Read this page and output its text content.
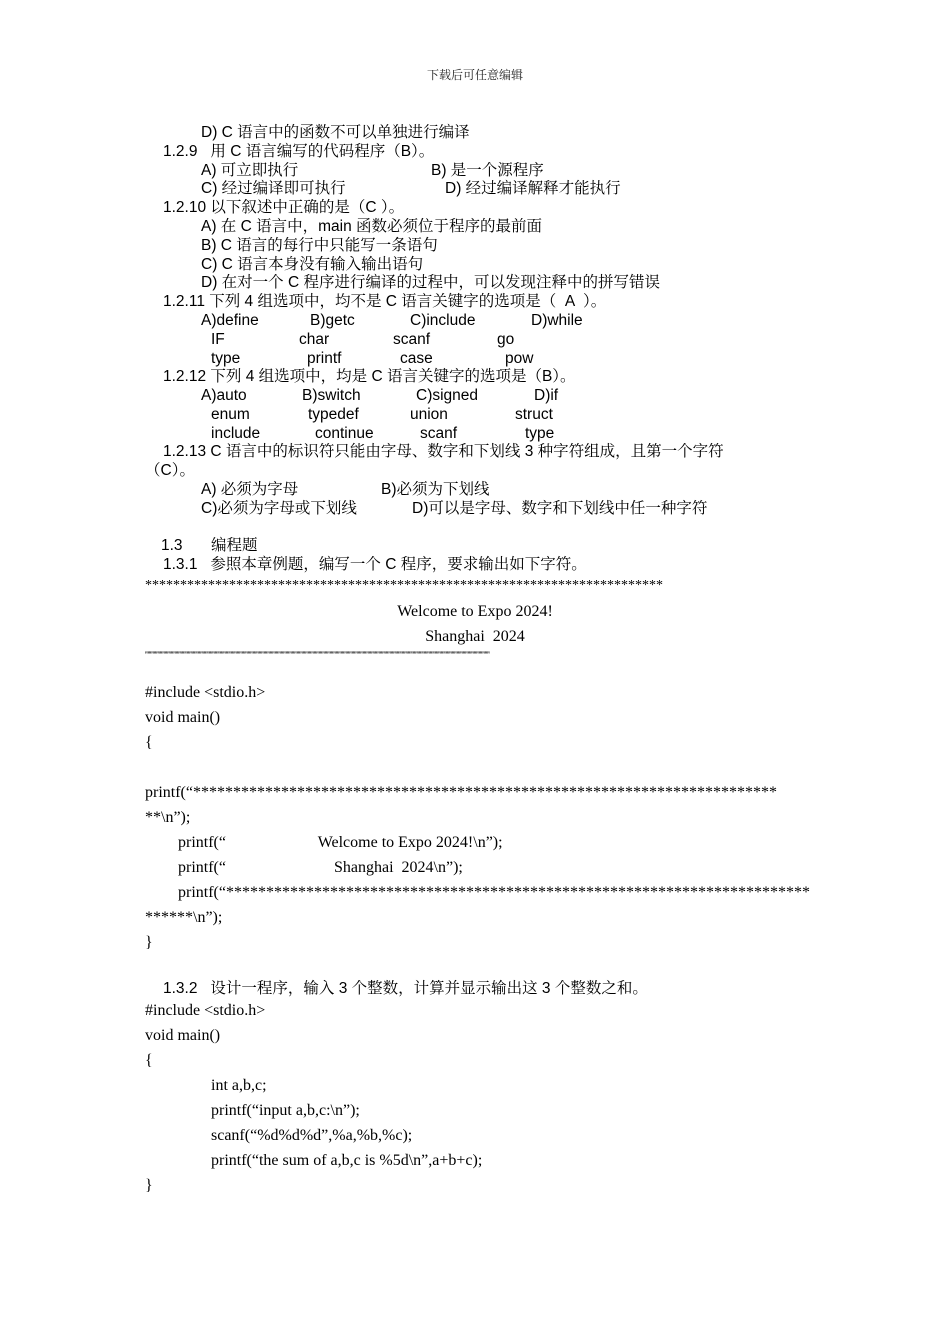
下载后可任意编辑
D) C 语言中的函数不可以单独进行编译
1.2.9   用 C 语言编写的代码程序（B）。
A) 可立即执行	B) 是一个源程序
C) 经过编译即可执行	D) 经过编译解释才能执行
1.2.10 以下叙述中正确的是（C ）。
A) 在 C 语言中，main 函数必须位于程序的最前面
B) C 语言的每行中只能写一条语句
C) C 语言本身没有输入输出语句
D) 在对一个 C 程序进行编译的过程中，可以发现注释中的拼写错误
1.2.11 下列 4 组选项中，均不是 C 语言关键字的选项是（  A  ）。
A)define	B)getc	C)include	D)while
IF	char	scanf	go
type	printf	case	pow
1.2.12 下列 4 组选项中，均是 C 语言关键字的选项是（B）。
A)auto	B)switch	C)signed	D)if
enum	typedef	union	struct
include	continue	scanf	type
1.2.13 C 语言中的标识符只能由字母、数字和下划线 3 种字符组成，且第一个字符
（C）。
A) 必须为字母	B)必须为下划线
C)必须为字母或下划线	D)可以是字母、数字和下划线中任一种字符
1.3 编程题
1.3.1   参照本章例题，编写一个 C 程序，要求输出如下字符。
**************************************************************************
Welcome to Expo 2024!
Shanghai  2024
''''''''''''''''''''''''''''''''''''''''''''''''''''''''''''''''''''''''''''''''''''''''''''''''''''''''''''''''''''''''''''''''''''''''''''''''''''''''''''''''''''''''''''''''''''''''''''''''''''''''''''''''''''''''''''''''''''''''''''''''''''''''''''''''''''''''''''''''''''''''''
#include <stdio.h>
void main()
{
printf(“*************************************************************************
**\n”);
printf(“                       Welcome to Expo 2024!\n”);
printf(“                           Shanghai  2024\n”);
printf(“*************************************************************************
******\n”);
}
1.3.2   设计一程序，输入 3 个整数，计算并显示输出这 3 个整数之和。
#include <stdio.h>
void main()
{
int a,b,c;
printf(“input a,b,c:\n”);
scanf(“%d%d%d”,%a,%b,%c);
printf(“the sum of a,b,c is %5d\n”,a+b+c);
}
